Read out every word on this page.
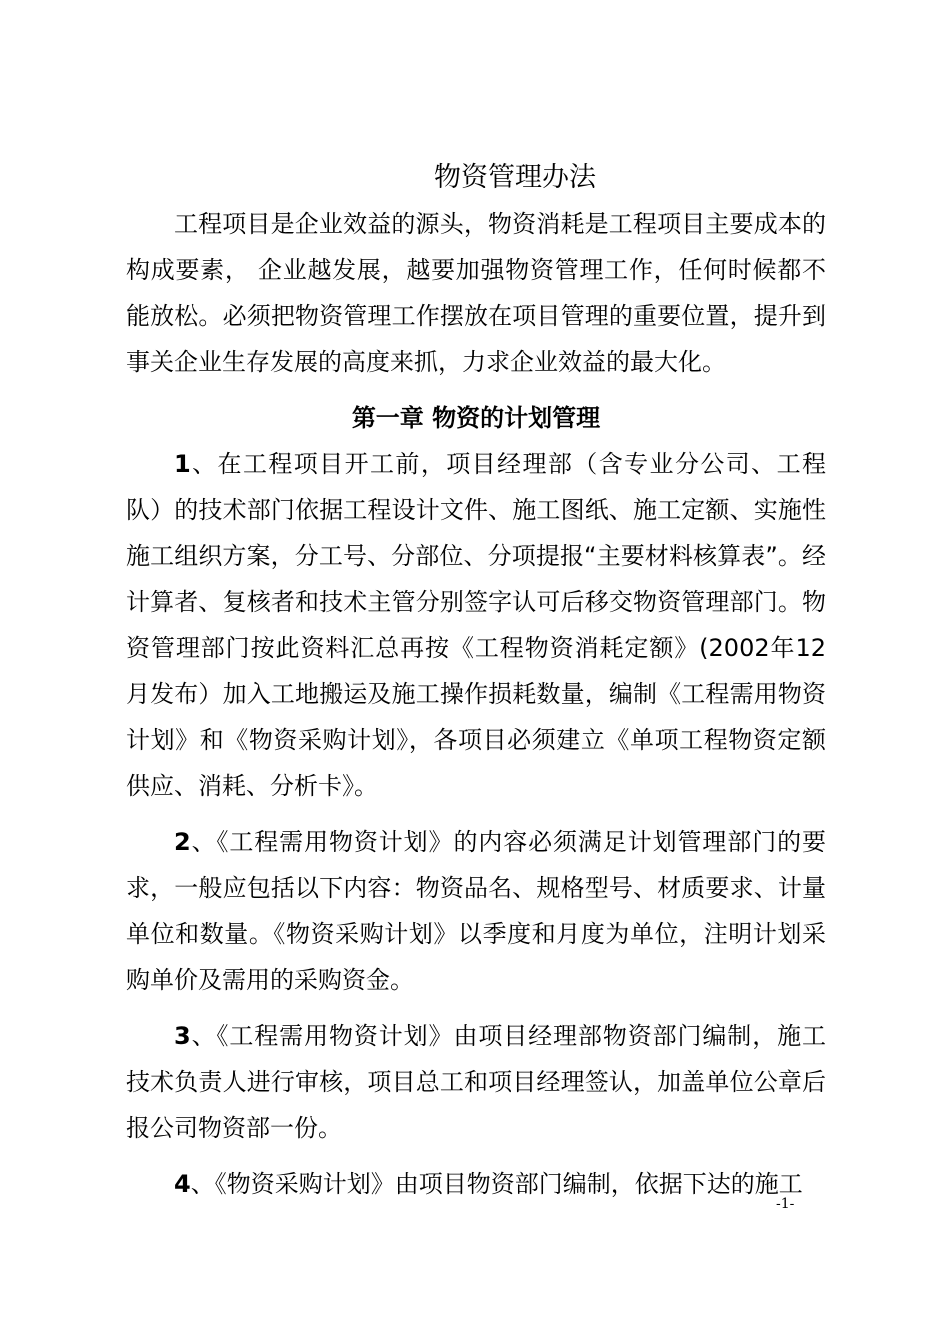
物资管理办法

工程项目是企业效益的源头，物资消耗是工程项目主要成本的构成要素， 企业越发展，越要加强物资管理工作，任何时候都不能放松。必须把物资管理工作摆放在项目管理的重要位置，提升到事关企业生存发展的高度来抓，力求企业效益的最大化。

第一章 物资的计划管理

1、在工程项目开工前，项目经理部（含专业分公司、工程队）的技术部门依据工程设计文件、施工图纸、施工定额、实施性施工组织方案，分工号、分部位、分项提报“主要材料核算表”。经计算者、复核者和技术主管分别签字认可后移交物资管理部门。物资管理部门按此资料汇总再按《工程物资消耗定额》(2002年12月发布）加入工地搬运及施工操作损耗数量，编制《工程需用物资计划》和《物资采购计划》，各项目必须建立《单项工程物资定额供应、消耗、分析卡》。

2、《工程需用物资计划》的内容必须满足计划管理部门的要求，一般应包括以下内容：物资品名、规格型号、材质要求、计量单位和数量。《物资采购计划》以季度和月度为单位，注明计划采购单价及需用的采购资金。

3、《工程需用物资计划》由项目经理部物资部门编制，施工技术负责人进行审核，项目总工和项目经理签认，加盖单位公章后报公司物资部一份。

4、《物资采购计划》由项目物资部门编制，依据下达的施工

-1-
